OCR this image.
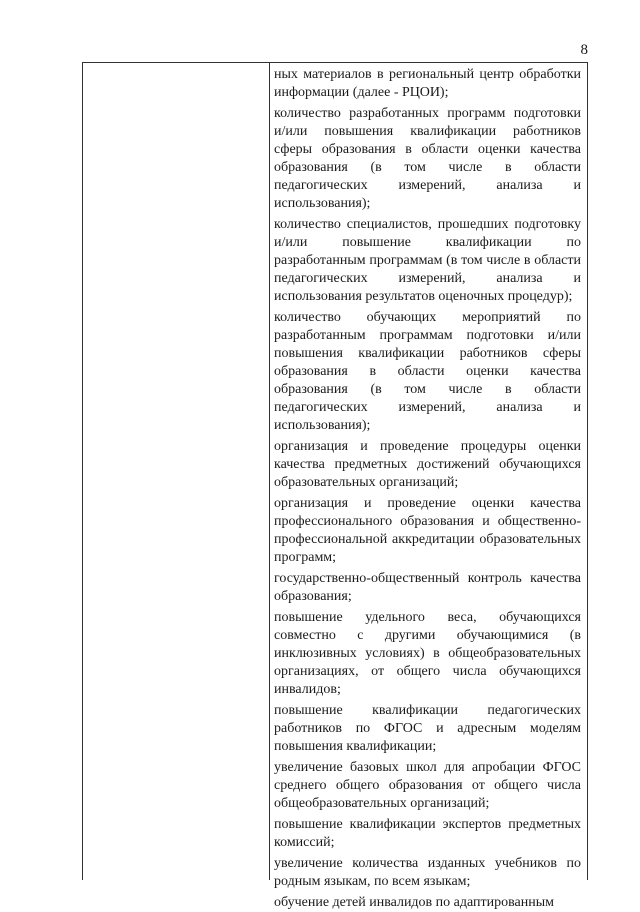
8

ных материалов в региональный центр обработки информации (далее - РЦОИ);

количество разработанных программ подготовки и/или повышения квалификации работников сферы образования в области оценки качества образования (в том числе в области педагогических измерений, анализа и использования);

количество специалистов, прошедших подготовку и/или повышение квалификации по разработанным программам (в том числе в области педагогических измерений, анализа и использования результатов оценочных процедур);

количество обучающих мероприятий по разработанным программам подготовки и/или повышения квалификации работников сферы образования в области оценки качества образования (в том числе в области педагогических измерений, анализа и использования);

организация и проведение процедуры оценки качества предметных достижений обучающихся образовательных организаций;

организация и проведение оценки качества профессионального образования и общественно-профессиональной аккредитации образовательных программ;

государственно-общественный контроль качества образования;

повышение удельного веса, обучающихся совместно с другими обучающимися (в инклюзивных условиях) в общеобразовательных организациях, от общего числа обучающихся инвалидов;

повышение квалификации педагогических работников по ФГОС и адресным моделям повышения квалификации;

увеличение базовых школ для апробации ФГОС среднего общего образования от общего числа общеобразовательных организаций;

повышение квалификации экспертов предметных комиссий;

увеличение количества изданных учебников по родным языкам, по всем языкам;

обучение детей инвалидов по адаптированным
